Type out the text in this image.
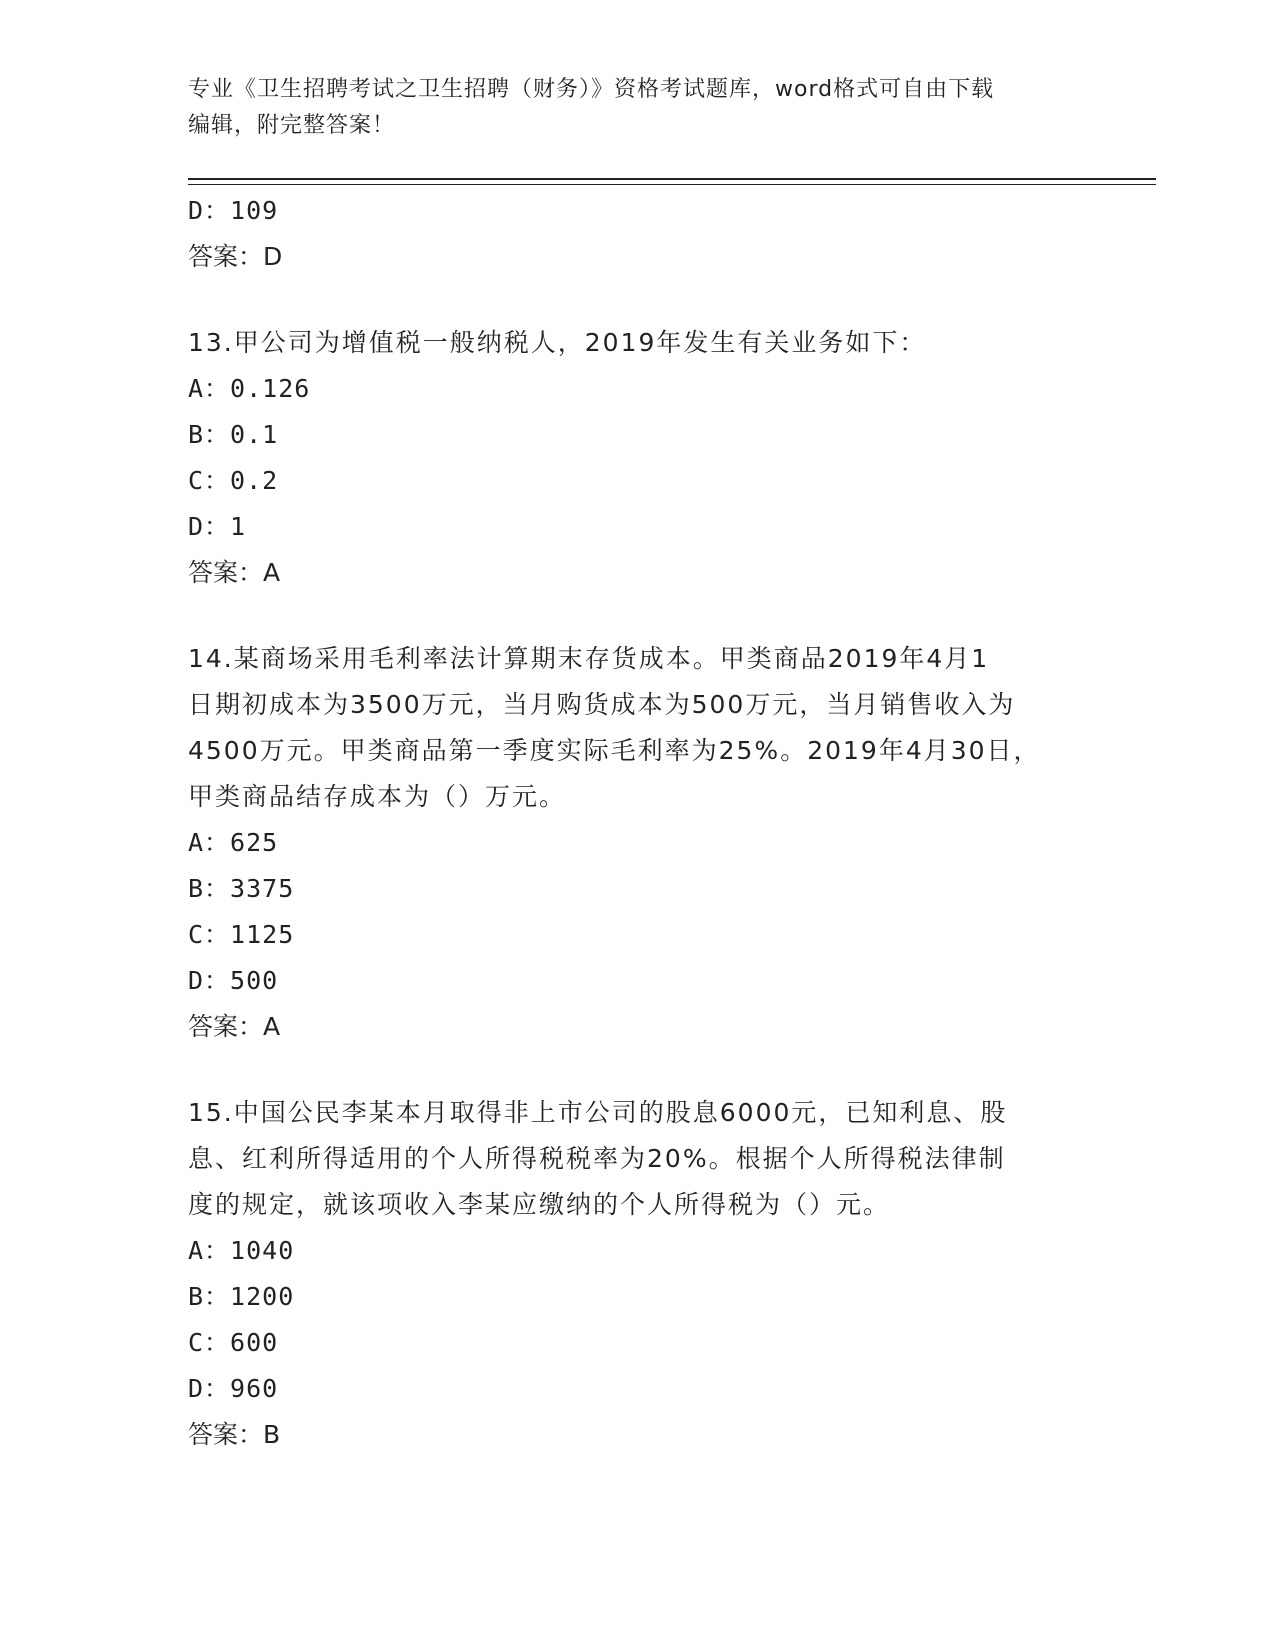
专业《卫生招聘考试之卫生招聘（财务）》资格考试题库，word格式可自由下载
编辑，附完整答案！
D：109
答案：D
13.甲公司为增值税一般纳税人，2019年发生有关业务如下：
A：0.126
B：0.1
C：0.2
D：1
答案：A
14.某商场采用毛利率法计算期末存货成本。甲类商品2019年4月1
日期初成本为3500万元，当月购货成本为500万元，当月销售收入为
4500万元。甲类商品第一季度实际毛利率为25%。2019年4月30日，
甲类商品结存成本为（）万元。
A：625
B：3375
C：1125
D：500
答案：A
15.中国公民李某本月取得非上市公司的股息6000元，已知利息、股
息、红利所得适用的个人所得税税率为20%。根据个人所得税法律制
度的规定，就该项收入李某应缴纳的个人所得税为（）元。
A：1040
B：1200
C：600
D：960
答案：B
